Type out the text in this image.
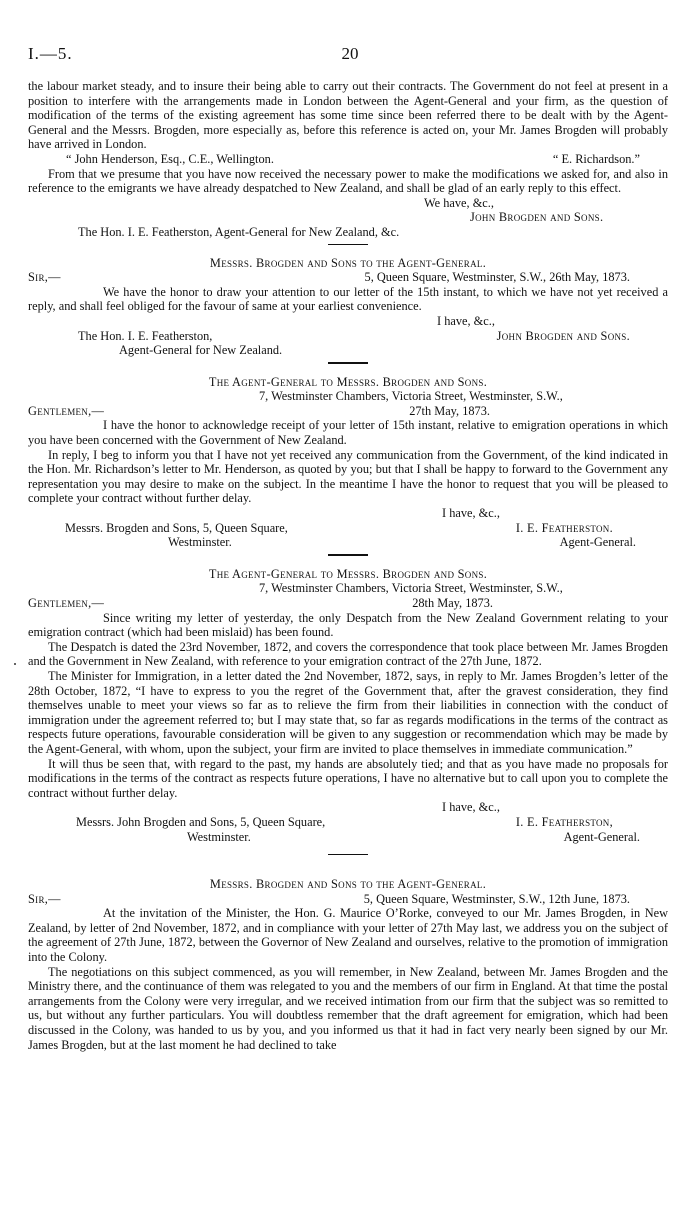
I.—5.	20

the labour market steady, and to insure their being able to carry out their contracts. The Government do not feel at present in a position to interfere with the arrangements made in London between the Agent-General and your firm, as the question of modification of the terms of the existing agreement has some time since been referred there to be dealt with by the Agent-General and the Messrs. Brogden, more especially as, before this reference is acted on, your Mr. James Brogden will probably have arrived in London.

“ John Henderson, Esq., C.E., Wellington.	“ E. Richardson.”

From that we presume that you have now received the necessary power to make the modifications we asked for, and also in reference to the emigrants we have already despatched to New Zealand, and shall be glad of an early reply to this effect.

We have, &c.,
John Brogden and Sons.
The Hon. I. E. Featherston, Agent-General for New Zealand, &c.
Messrs. Brogden and Sons to the Agent-General.
Sir,—	5, Queen Square, Westminster, S.W., 26th May, 1873.

We have the honor to draw your attention to our letter of the 15th instant, to which we have not yet received a reply, and shall feel obliged for the favour of same at your earliest convenience.

I have, &c.,
The Hon. I. E. Featherston,	John Brogden and Sons.
Agent-General for New Zealand.
The Agent-General to Messrs. Brogden and Sons.
7, Westminster Chambers, Victoria Street, Westminster, S.W.,
Gentlemen,—	27th May, 1873.

I have the honor to acknowledge receipt of your letter of 15th instant, relative to emigration operations in which you have been concerned with the Government of New Zealand.

In reply, I beg to inform you that I have not yet received any communication from the Government, of the kind indicated in the Hon. Mr. Richardson’s letter to Mr. Henderson, as quoted by you; but that I shall be happy to forward to the Government any representation you may desire to make on the subject. In the meantime I have the honor to request that you will be pleased to complete your contract without further delay.

I have, &c.,
Messrs. Brogden and Sons, 5, Queen Square,	I. E. Featherston.
Westminster.	Agent-General.
The Agent-General to Messrs. Brogden and Sons.
7, Westminster Chambers, Victoria Street, Westminster, S.W.,
Gentlemen,—	28th May, 1873.

Since writing my letter of yesterday, the only Despatch from the New Zealand Government relating to your emigration contract (which had been mislaid) has been found.

The Despatch is dated the 23rd November, 1872, and covers the correspondence that took place between Mr. James Brogden and the Government in New Zealand, with reference to your emigration contract of the 27th June, 1872.

The Minister for Immigration, in a letter dated the 2nd November, 1872, says, in reply to Mr. James Brogden’s letter of the 28th October, 1872, “I have to express to you the regret of the Government that, after the gravest consideration, they find themselves unable to meet your views so far as to relieve the firm from their liabilities in connection with the conduct of immigration under the agreement referred to; but I may state that, so far as regards modifications in the terms of the contract as respects future operations, favourable consideration will be given to any suggestion or recommendation which may be made by the Agent-General, with whom, upon the subject, your firm are invited to place themselves in immediate communication.”

It will thus be seen that, with regard to the past, my hands are absolutely tied; and that as you have made no proposals for modifications in the terms of the contract as respects future operations, I have no alternative but to call upon you to complete the contract without further delay.

I have, &c.,
Messrs. John Brogden and Sons, 5, Queen Square,	I. E. Featherston,
Westminster.	Agent-General.
Messrs. Brogden and Sons to the Agent-General.
Sir,—	5, Queen Square, Westminster, S.W., 12th June, 1873.

At the invitation of the Minister, the Hon. G. Maurice O’Rorke, conveyed to our Mr. James Brogden, in New Zealand, by letter of 2nd November, 1872, and in compliance with your letter of 27th May last, we address you on the subject of the agreement of 27th June, 1872, between the Governor of New Zealand and ourselves, relative to the promotion of immigration into the Colony.

The negotiations on this subject commenced, as you will remember, in New Zealand, between Mr. James Brogden and the Ministry there, and the continuance of them was relegated to you and the members of our firm in England. At that time the postal arrangements from the Colony were very irregular, and we received intimation from our firm that the subject was so remitted to us, but without any further particulars. You will doubtless remember that the draft agreement for emigration, which had been discussed in the Colony, was handed to us by you, and you informed us that it had in fact very nearly been signed by our Mr. James Brogden, but at the last moment he had declined to take
